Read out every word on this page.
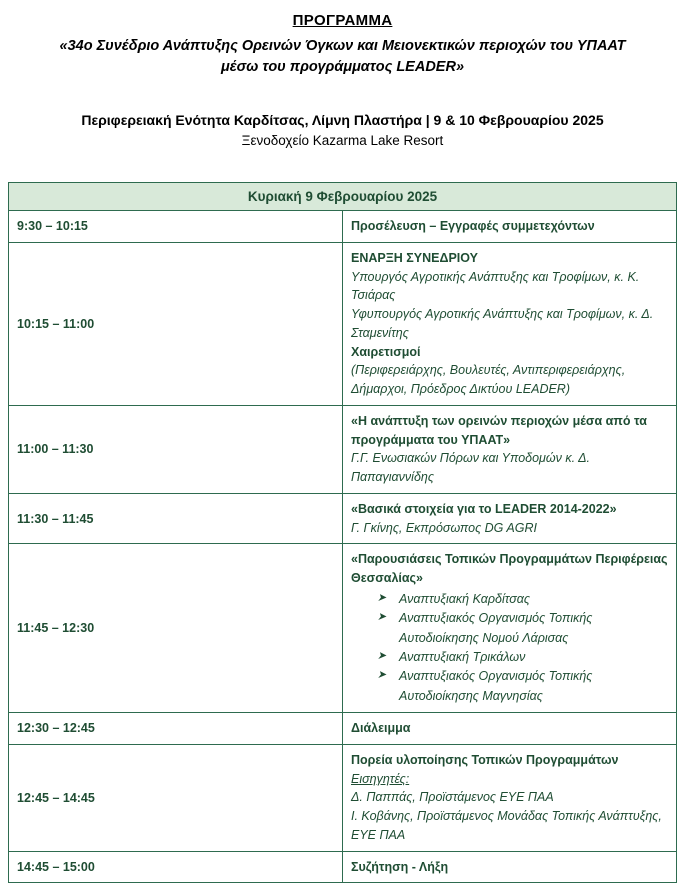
ΠΡΟΓΡΑΜΜΑ
«34ο Συνέδριο Ανάπτυξης Ορεινών Όγκων και Μειονεκτικών περιοχών του ΥΠΑΑΤ μέσω του προγράμματος LEADER»
Περιφερειακή Ενότητα Καρδίτσας, Λίμνη Πλαστήρα | 9 & 10 Φεβρουαρίου 2025
Ξενοδοχείο Kazarma Lake Resort
Κυριακή 9 Φεβρουαρίου 2025	
9:30 – 10:15	Προσέλευση – Εγγραφές συμμετεχόντων

10:15 – 11:00	ΕΝΑΡΞΗ ΣΥΝΕΔΡΙΟΥ
Υπουργός Αγροτικής Ανάπτυξης και Τροφίμων, κ. Κ. Τσιάρας
Υφυπουργός Αγροτικής Ανάπτυξης και Τροφίμων, κ. Δ. Σταμενίτης
Χαιρετισμοί
(Περιφερειάρχης, Βουλευτές, Αντιπεριφερειάρχης, Δήμαρχοι, Πρόεδρος Δικτύου LEADER)

11:00 – 11:30	«Η ανάπτυξη των ορεινών περιοχών μέσα από τα προγράμματα του ΥΠΑΑΤ»
Γ.Γ. Ενωσιακών Πόρων και Υποδομών κ. Δ. Παπαγιαννίδης

11:30 – 11:45	«Βασικά στοιχεία για το LEADER 2014-2022»
Γ. Γκίνης, Εκπρόσωπος DG AGRI

11:45 – 12:30	
«Παρουσιάσεις Τοπικών Προγραμμάτων Περιφέρειας Θεσσαλίας»
➤ Αναπτυξιακή Καρδίτσας
➤ Αναπτυξιακός Οργανισμός Τοπικής Αυτοδιοίκησης Νομού Λάρισας
➤ Αναπτυξιακή Τρικάλων
➤ Αναπτυξιακός Οργανισμός Τοπικής Αυτοδιοίκησης Μαγνησίας

12:30 – 12:45	Διάλειμμα

12:45 – 14:45	Πορεία υλοποίησης Τοπικών Προγραμμάτων
Εισηγητές:
Δ. Παππάς, Προϊστάμενος ΕΥΕ ΠΑΑ
Ι. Κοβάνης, Προϊστάμενος Μονάδας Τοπικής Ανάπτυξης, ΕΥΕ ΠΑΑ

14:45 – 15:00	Συζήτηση - Λήξη
